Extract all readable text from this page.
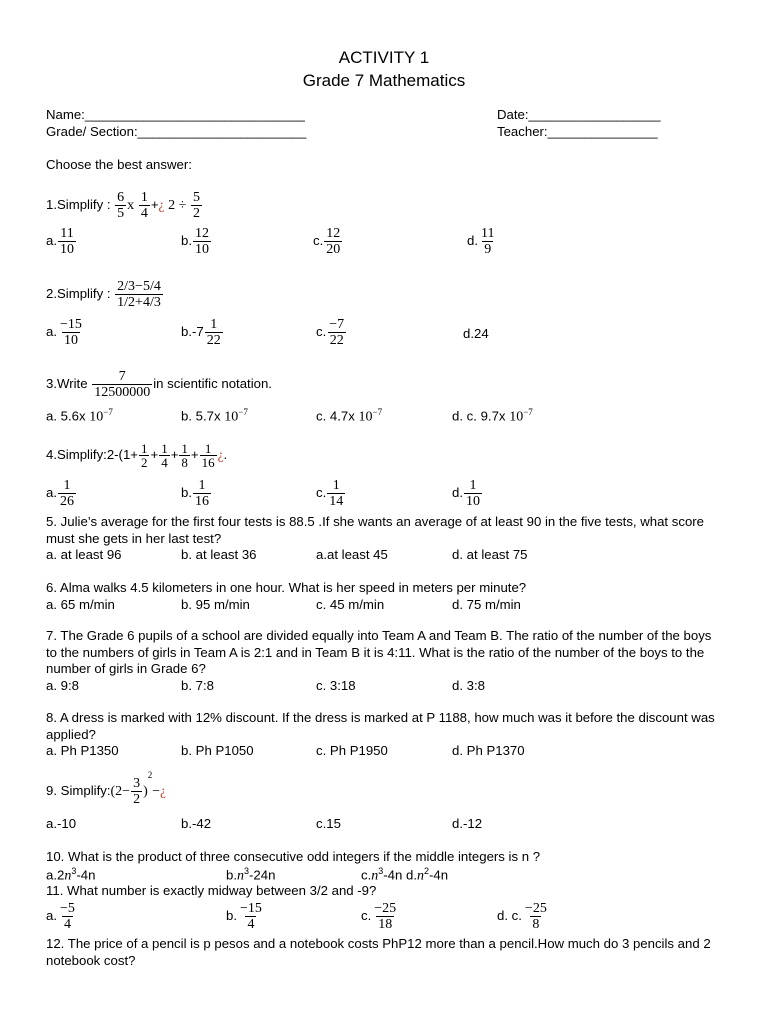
ACTIVITY 1
Grade 7 Mathematics
Name:______________________________	Date:__________________
Grade/ Section:_______________________	Teacher:_______________
Choose the best answer:
1.Simplify : $\frac{6}{5}$ x $\frac{1}{4}$ +¿ $2 \div \frac{5}{2}$
a. $\frac{11}{10}$	b. $\frac{12}{10}$	c. $\frac{12}{20}$	d. $\frac{11}{9}$
2.Simplify : $\frac{2/3-5/4}{1/2+4/3}$
a. $\frac{-15}{10}$	$b.-7 \frac{1}{22}$	c. $\frac{-7}{22}$	d.24
3.Write $\frac{7}{12500000}$ in scientific notation.
a. 5.6x $10^{-7}$	b. 5.7x $10^{-7}$	c. 4.7x $10^{-7}$	d. c. 9.7x $10^{-7}$
4.Simplify:2-(1+ $\frac{1}{2} + \frac{1}{4} + \frac{1}{8} + \frac{1}{16}$ ¿.
a. $\frac{1}{26}$	b. $\frac{1}{16}$	c. $\frac{1}{14}$	d. $\frac{1}{10}$
5. Julie’s average for the first four tests is 88.5 .If she wants an average of at least 90 in the five tests, what score must she gets in her last test?
a. at least 96	b. at least 36	a.at least 45	d. at least 75
6. Alma walks 4.5 kilometers in one hour. What is her speed in meters per minute?
a. 65 m/min	b. 95 m/min	c. 45 m/min	d. 75 m/min
7. The Grade 6 pupils of a school are divided equally into Team A and Team B. The ratio of the number of the boys to the numbers of girls in Team A is 2:1 and in Team B it is 4:11. What is the ratio of the number of the boys to the number of girls in Grade 6?
a. 9:8	b. 7:8	c. 3:18	d. 3:8
8. A dress is marked with 12% discount. If the dress is marked at P 1188, how much was it before the discount was applied?
a. Ph P1350	b. Ph P1050	c. Ph P1950	d. Ph P1370
9. Simplify:(2− $\frac{3}{2}$ )$^2$−¿
a.-10	b.-42	c.15	d.-12
10. What is the product of three consecutive odd integers if the middle integers is n ?
$a.2n^3-4n$	$b.n^3-24n$	$c.n^3-4n$ $d.n^2-4n$
11. What number is exactly midway between 3/2 and -9?
a. $\frac{-5}{4}$	b. $\frac{-15}{4}$	c. $\frac{-25}{18}$	d. c. $\frac{-25}{8}$
12. The price of a pencil is p pesos and a notebook costs PhP12 more than a pencil.How much do 3 pencils and 2 notebook cost?
